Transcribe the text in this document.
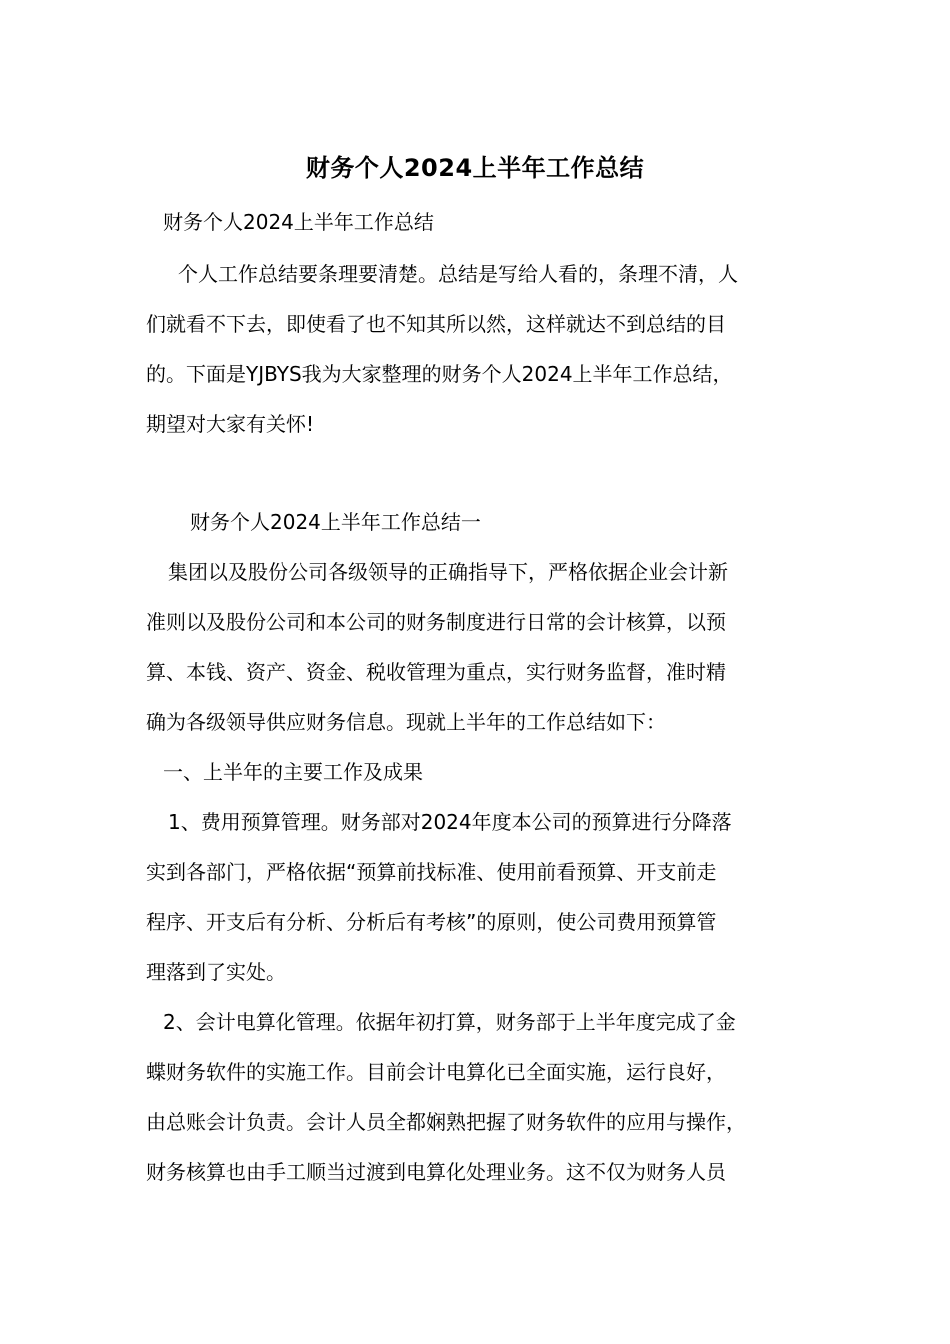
财务个人2024上半年工作总结
财务个人2024上半年工作总结
个人工作总结要条理要清楚。总结是写给人看的，条理不清，人
们就看不下去，即使看了也不知其所以然，这样就达不到总结的目
的。下面是YJBYS我为大家整理的财务个人2024上半年工作总结，
期望对大家有关怀!
财务个人2024上半年工作总结一
集团以及股份公司各级领导的正确指导下，严格依据企业会计新
准则以及股份公司和本公司的财务制度进行日常的会计核算，以预
算、本钱、资产、资金、税收管理为重点，实行财务监督，准时精
确为各级领导供应财务信息。现就上半年的工作总结如下：
一、上半年的主要工作及成果
1、费用预算管理。财务部对2024年度本公司的预算进行分降落
实到各部门，严格依据“预算前找标准、使用前看预算、开支前走
程序、开支后有分析、分析后有考核”的原则，使公司费用预算管
理落到了实处。
2、会计电算化管理。依据年初打算，财务部于上半年度完成了金
蝶财务软件的实施工作。目前会计电算化已全面实施，运行良好，
由总账会计负责。会计人员全都娴熟把握了财务软件的应用与操作，
财务核算也由手工顺当过渡到电算化处理业务。这不仅为财务人员
